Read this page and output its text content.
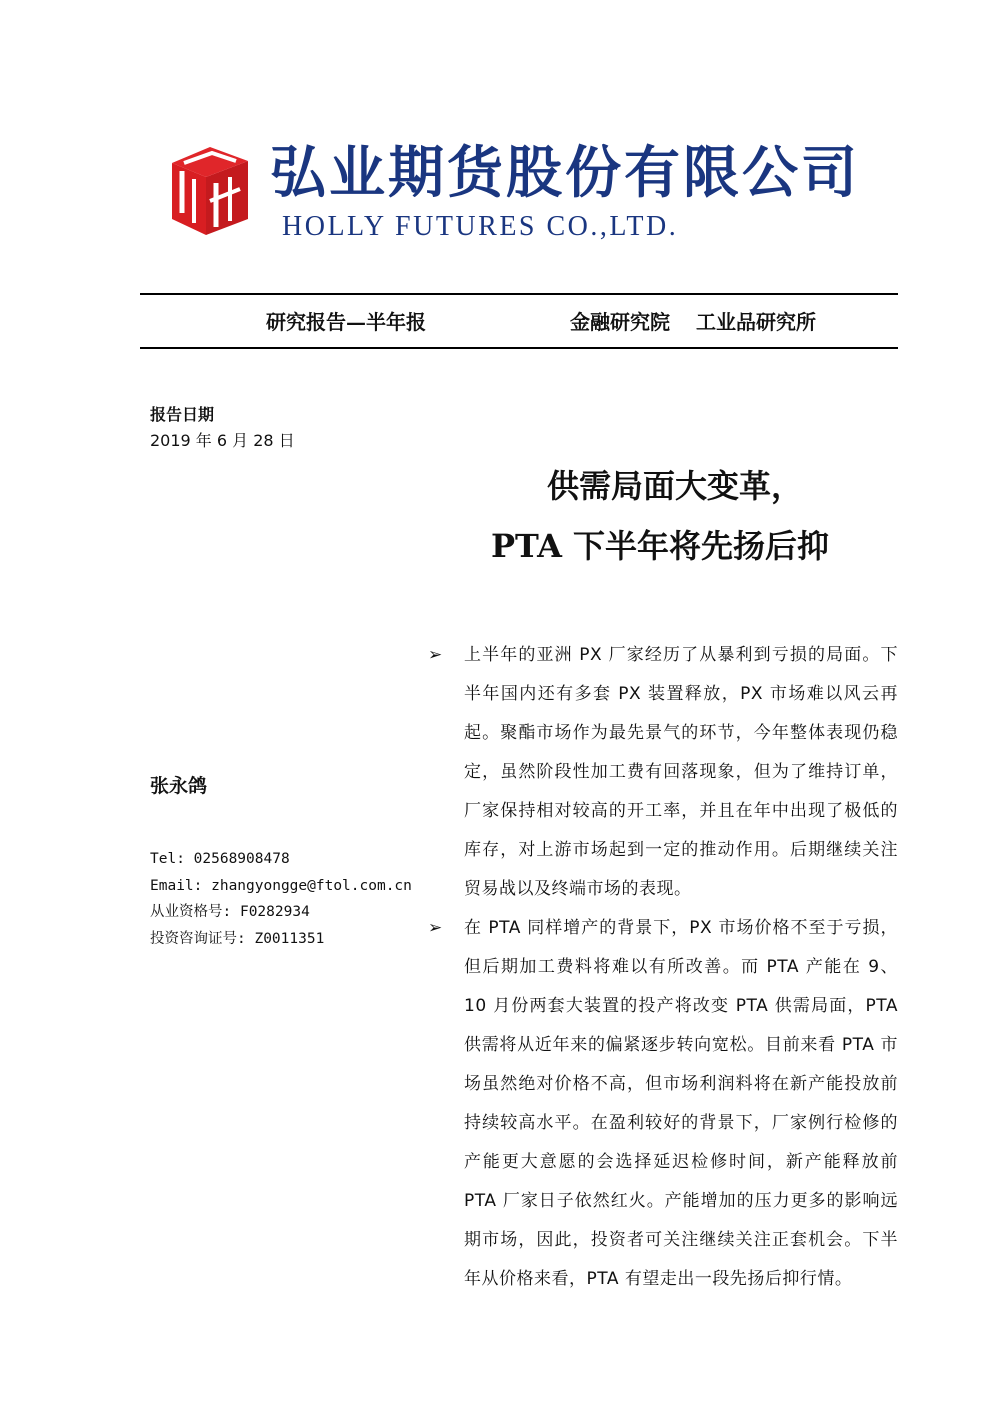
弘业期货股份有限公司
HOLLY FUTURES CO.,LTD.
研究报告—半年报	金融研究院 工业品研究所
报告日期
2019 年 6 月 28 日
供需局面大变革，
PTA 下半年将先扬后抑
张永鸽
Tel: 02568908478
Email: zhangyongge@ftol.com.cn
从业资格号: F0282934
投资咨询证号: Z0011351
➢	上半年的亚洲 PX 厂家经历了从暴利到亏损的局面。下半年国内还有多套 PX 装置释放，PX 市场难以风云再起。聚酯市场作为最先景气的环节，今年整体表现仍稳定，虽然阶段性加工费有回落现象，但为了维持订单，厂家保持相对较高的开工率，并且在年中出现了极低的库存，对上游市场起到一定的推动作用。后期继续关注贸易战以及终端市场的表现。
➢	在 PTA 同样增产的背景下，PX 市场价格不至于亏损，但后期加工费料将难以有所改善。而 PTA 产能在 9、10 月份两套大装置的投产将改变 PTA 供需局面，PTA 供需将从近年来的偏紧逐步转向宽松。目前来看 PTA 市场虽然绝对价格不高，但市场利润料将在新产能投放前持续较高水平。在盈利较好的背景下，厂家例行检修的产能更大意愿的会选择延迟检修时间，新产能释放前 PTA 厂家日子依然红火。产能增加的压力更多的影响远期市场，因此，投资者可关注继续关注正套机会。下半年从价格来看，PTA 有望走出一段先扬后抑行情。
